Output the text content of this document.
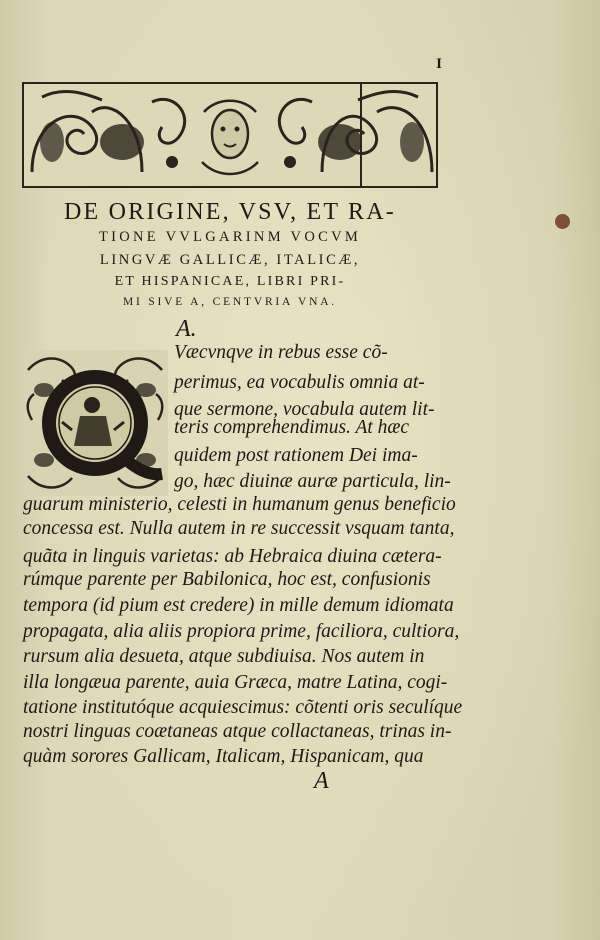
I
DE ORIGINE, VSV, ET RA-
TIONE VVLGARINM VOCVM
LINGVÆ GALLICÆ, ITALICÆ,
ET HISPANICAE, LIBRI PRI-
MI SIVE A, CENTVRIA VNA.
A.
Væcvnqve in rebus esse cõ-
perimus, ea vocabulis omnia at-
que sermone, vocabula autem lit-
teris comprehendimus. At hæc
quidem post rationem Dei ima-
go, hæc diuinæ auræ particula, lin-
guarum ministerio, celesti in humanum genus beneficio
concessa est. Nulla autem in re successit vsquam tanta,
quãta in linguis varietas: ab Hebraica diuina cætera-
rúmque parente per Babilonica, hoc est, confusionis
tempora (id pium est credere) in mille demum idiomata
propagata, alia aliis propiora prime, faciliora, cultiora,
rursum alia desueta, atque subdiuisa. Nos autem in
illa longæua parente, auia Græca, matre Latina, cogi-
tatione institutóque acquiescimus: cõtenti oris seculíque
nostri linguas coætaneas atque collactaneas, trinas in-
quàm sorores Gallicam, Italicam, Hispanicam, qua
A
